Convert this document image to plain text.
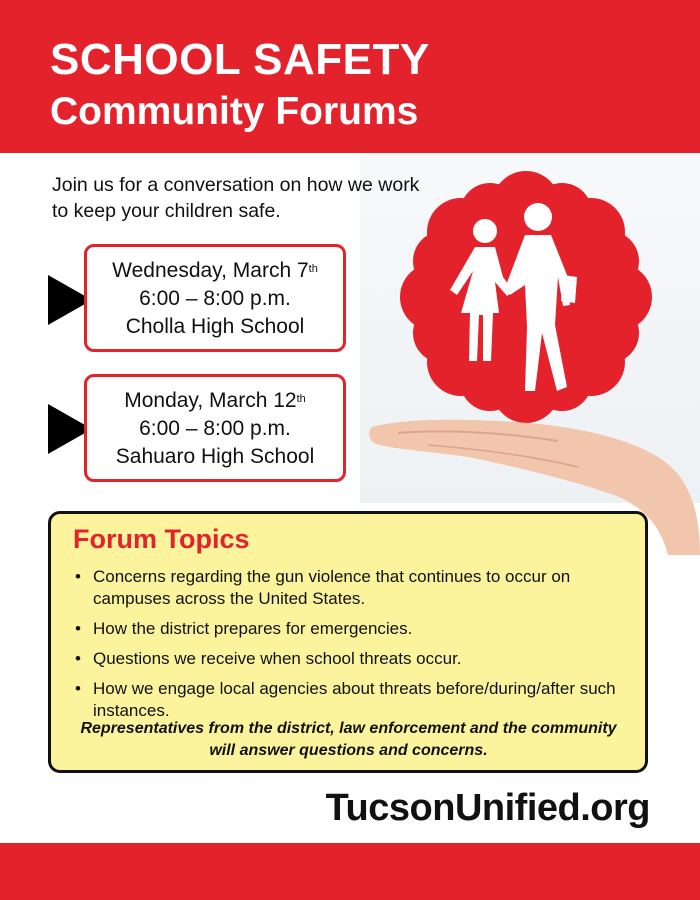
SCHOOL SAFETY
Community Forums
Join us for a conversation on how we work to keep your children safe.
Wednesday, March 7th
6:00 – 8:00 p.m.
Cholla High School
Monday, March 12th
6:00 – 8:00 p.m.
Sahuaro High School
Forum Topics
• Concerns regarding the gun violence that continues to occur on campuses across the United States.
• How the district prepares for emergencies.
• Questions we receive when school threats occur.
• How we engage local agencies about threats before/during/after such instances.
Representatives from the district, law enforcement and the community will answer questions and concerns.
TucsonUnified.org
